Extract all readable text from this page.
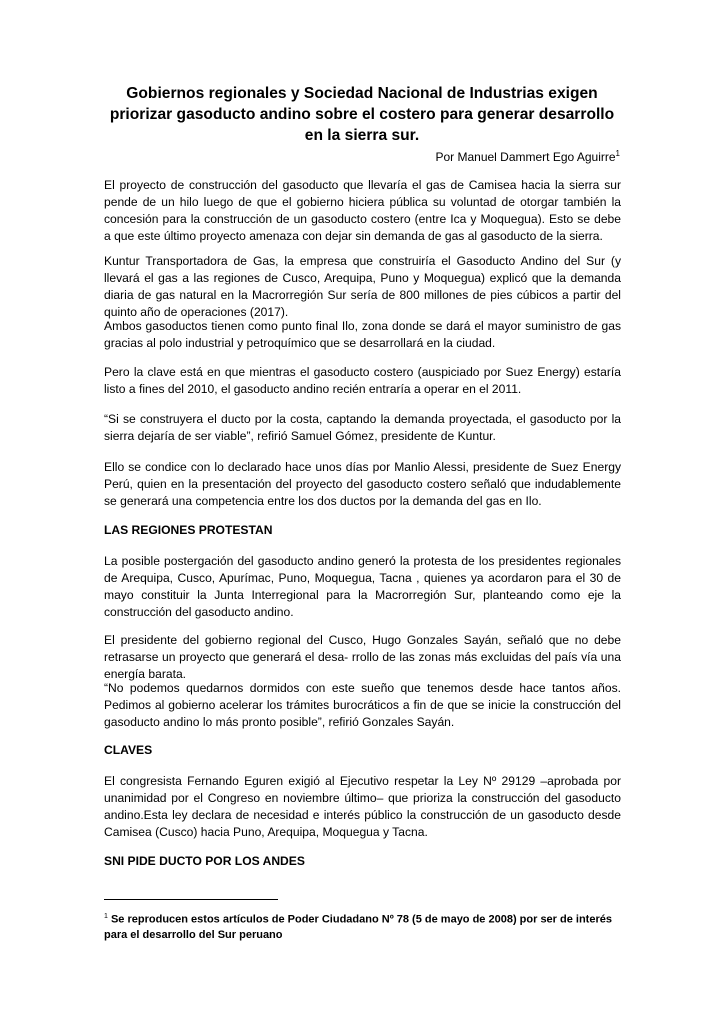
Gobiernos regionales y Sociedad Nacional de Industrias exigen priorizar gasoducto andino sobre el costero para generar desarrollo en la sierra sur.
Por Manuel Dammert Ego Aguirre$^1$

El proyecto de construcción del gasoducto que llevaría el gas de Camisea hacia la sierra sur pende de un hilo luego de que el gobierno hiciera pública su voluntad de otorgar también la concesión para la construcción de un gasoducto costero (entre Ica y Moquegua). Esto se debe a que este último proyecto amenaza con dejar sin demanda de gas al gasoducto de la sierra.

Kuntur Transportadora de Gas, la empresa que construiría el Gasoducto Andino del Sur (y llevará el gas a las regiones de Cusco, Arequipa, Puno y Moquegua) explicó que la demanda diaria de gas natural en la Macrorregión Sur sería de 800 millones de pies cúbicos a partir del quinto año de operaciones (2017).

Ambos gasoductos tienen como punto final Ilo, zona donde se dará el mayor suministro de gas gracias al polo industrial y petroquímico que se desarrollará en la ciudad.

Pero la clave está en que mientras el gasoducto costero (auspiciado por Suez Energy) estaría listo a fines del 2010, el gasoducto andino recién entraría a operar en el 2011.

“Si se construyera el ducto por la costa, captando la demanda proyectada, el gasoducto por la sierra dejaría de ser viable”, refirió Samuel Gómez, presidente de Kuntur.

Ello se condice con lo declarado hace unos días por Manlio Alessi, presidente de Suez Energy Perú, quien en la presentación del proyecto del gasoducto costero señaló que indudablemente se generará una competencia entre los dos ductos por la demanda del gas en Ilo.

LAS REGIONES PROTESTAN

La posible postergación del gasoducto andino generó la protesta de los presidentes regionales de Arequipa, Cusco, Apurímac, Puno, Moquegua, Tacna , quienes ya acordaron para el 30 de mayo constituir la Junta Interregional para la Macrorregión Sur, planteando como eje la construcción del gasoducto andino.

El presidente del gobierno regional del Cusco, Hugo Gonzales Sayán, señaló que no debe retrasarse un proyecto que generará el desa- rrollo de las zonas más excluidas del país vía una energía barata.

“No podemos quedarnos dormidos con este sueño que tenemos desde hace tantos años. Pedimos al gobierno acelerar los trámites burocráticos a fin de que se inicie la construcción del gasoducto andino lo más pronto posible”, refirió Gonzales Sayán.

CLAVES

El congresista Fernando Eguren exigió al Ejecutivo respetar la Ley Nº 29129 –aprobada por unanimidad por el Congreso en noviembre último– que prioriza la construcción del gasoducto andino.Esta ley declara de necesidad e interés público la construcción de un gasoducto desde Camisea (Cusco) hacia Puno, Arequipa, Moquegua y Tacna.

SNI PIDE DUCTO POR LOS ANDES

$^1$ Se reproducen estos artículos de Poder Ciudadano Nº 78 (5 de mayo de 2008) por ser de interés para el desarrollo del Sur peruano
